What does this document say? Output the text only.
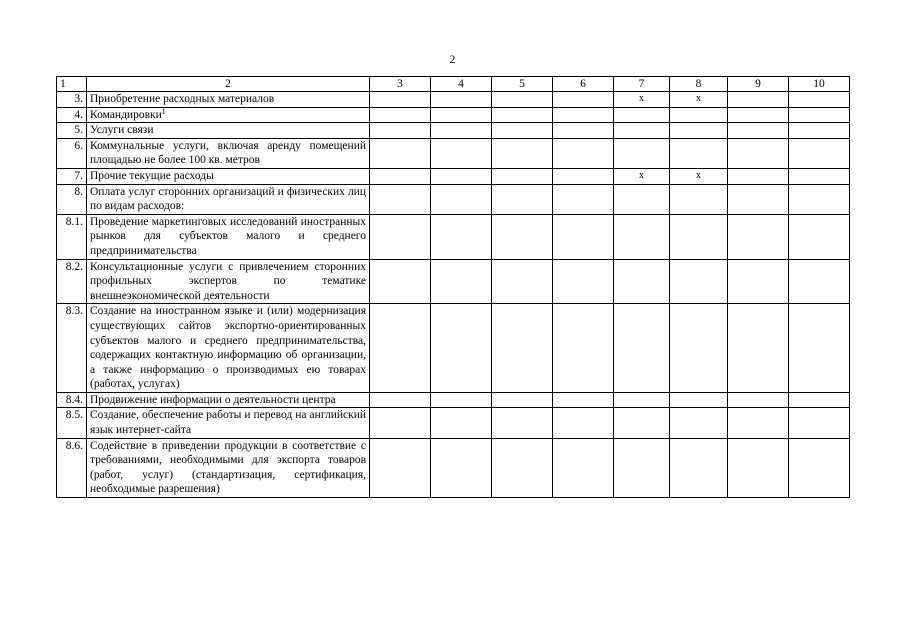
2
1	2	3	4	5	6	7	8	9	10
3.	Приобретение расходных материалов					x	x		
4.	Командировки$^1$								
5.	Услуги связи								
6.	Коммунальные услуги, включая аренду помещений площадью не более 100 кв. метров								
7.	Прочие текущие расходы					x	x		
8.	Оплата услуг сторонних организаций и физических лиц по видам расходов:								
8.1.	Проведение маркетинговых исследований иностранных рынков для субъектов малого и среднего предпринимательства								
8.2.	Консультационные услуги с привлечением сторонних профильных экспертов по тематике внешнеэкономической деятельности								
8.3.	Создание на иностранном языке и (или) модернизация существующих сайтов экспортно-ориентированных субъектов малого и среднего предпринимательства, содержащих контактную информацию об организации, а также информацию о производимых ею товарах (работах, услугах)								
8.4.	Продвижение информации о деятельности центра								
8.5.	Создание, обеспечение работы и перевод на английский язык интернет-сайта								
8.6.	Содействие в приведении продукции в соответствие с требованиями, необходимыми для экспорта товаров (работ, услуг) (стандартизация, сертификация, необходимые разрешения)								
